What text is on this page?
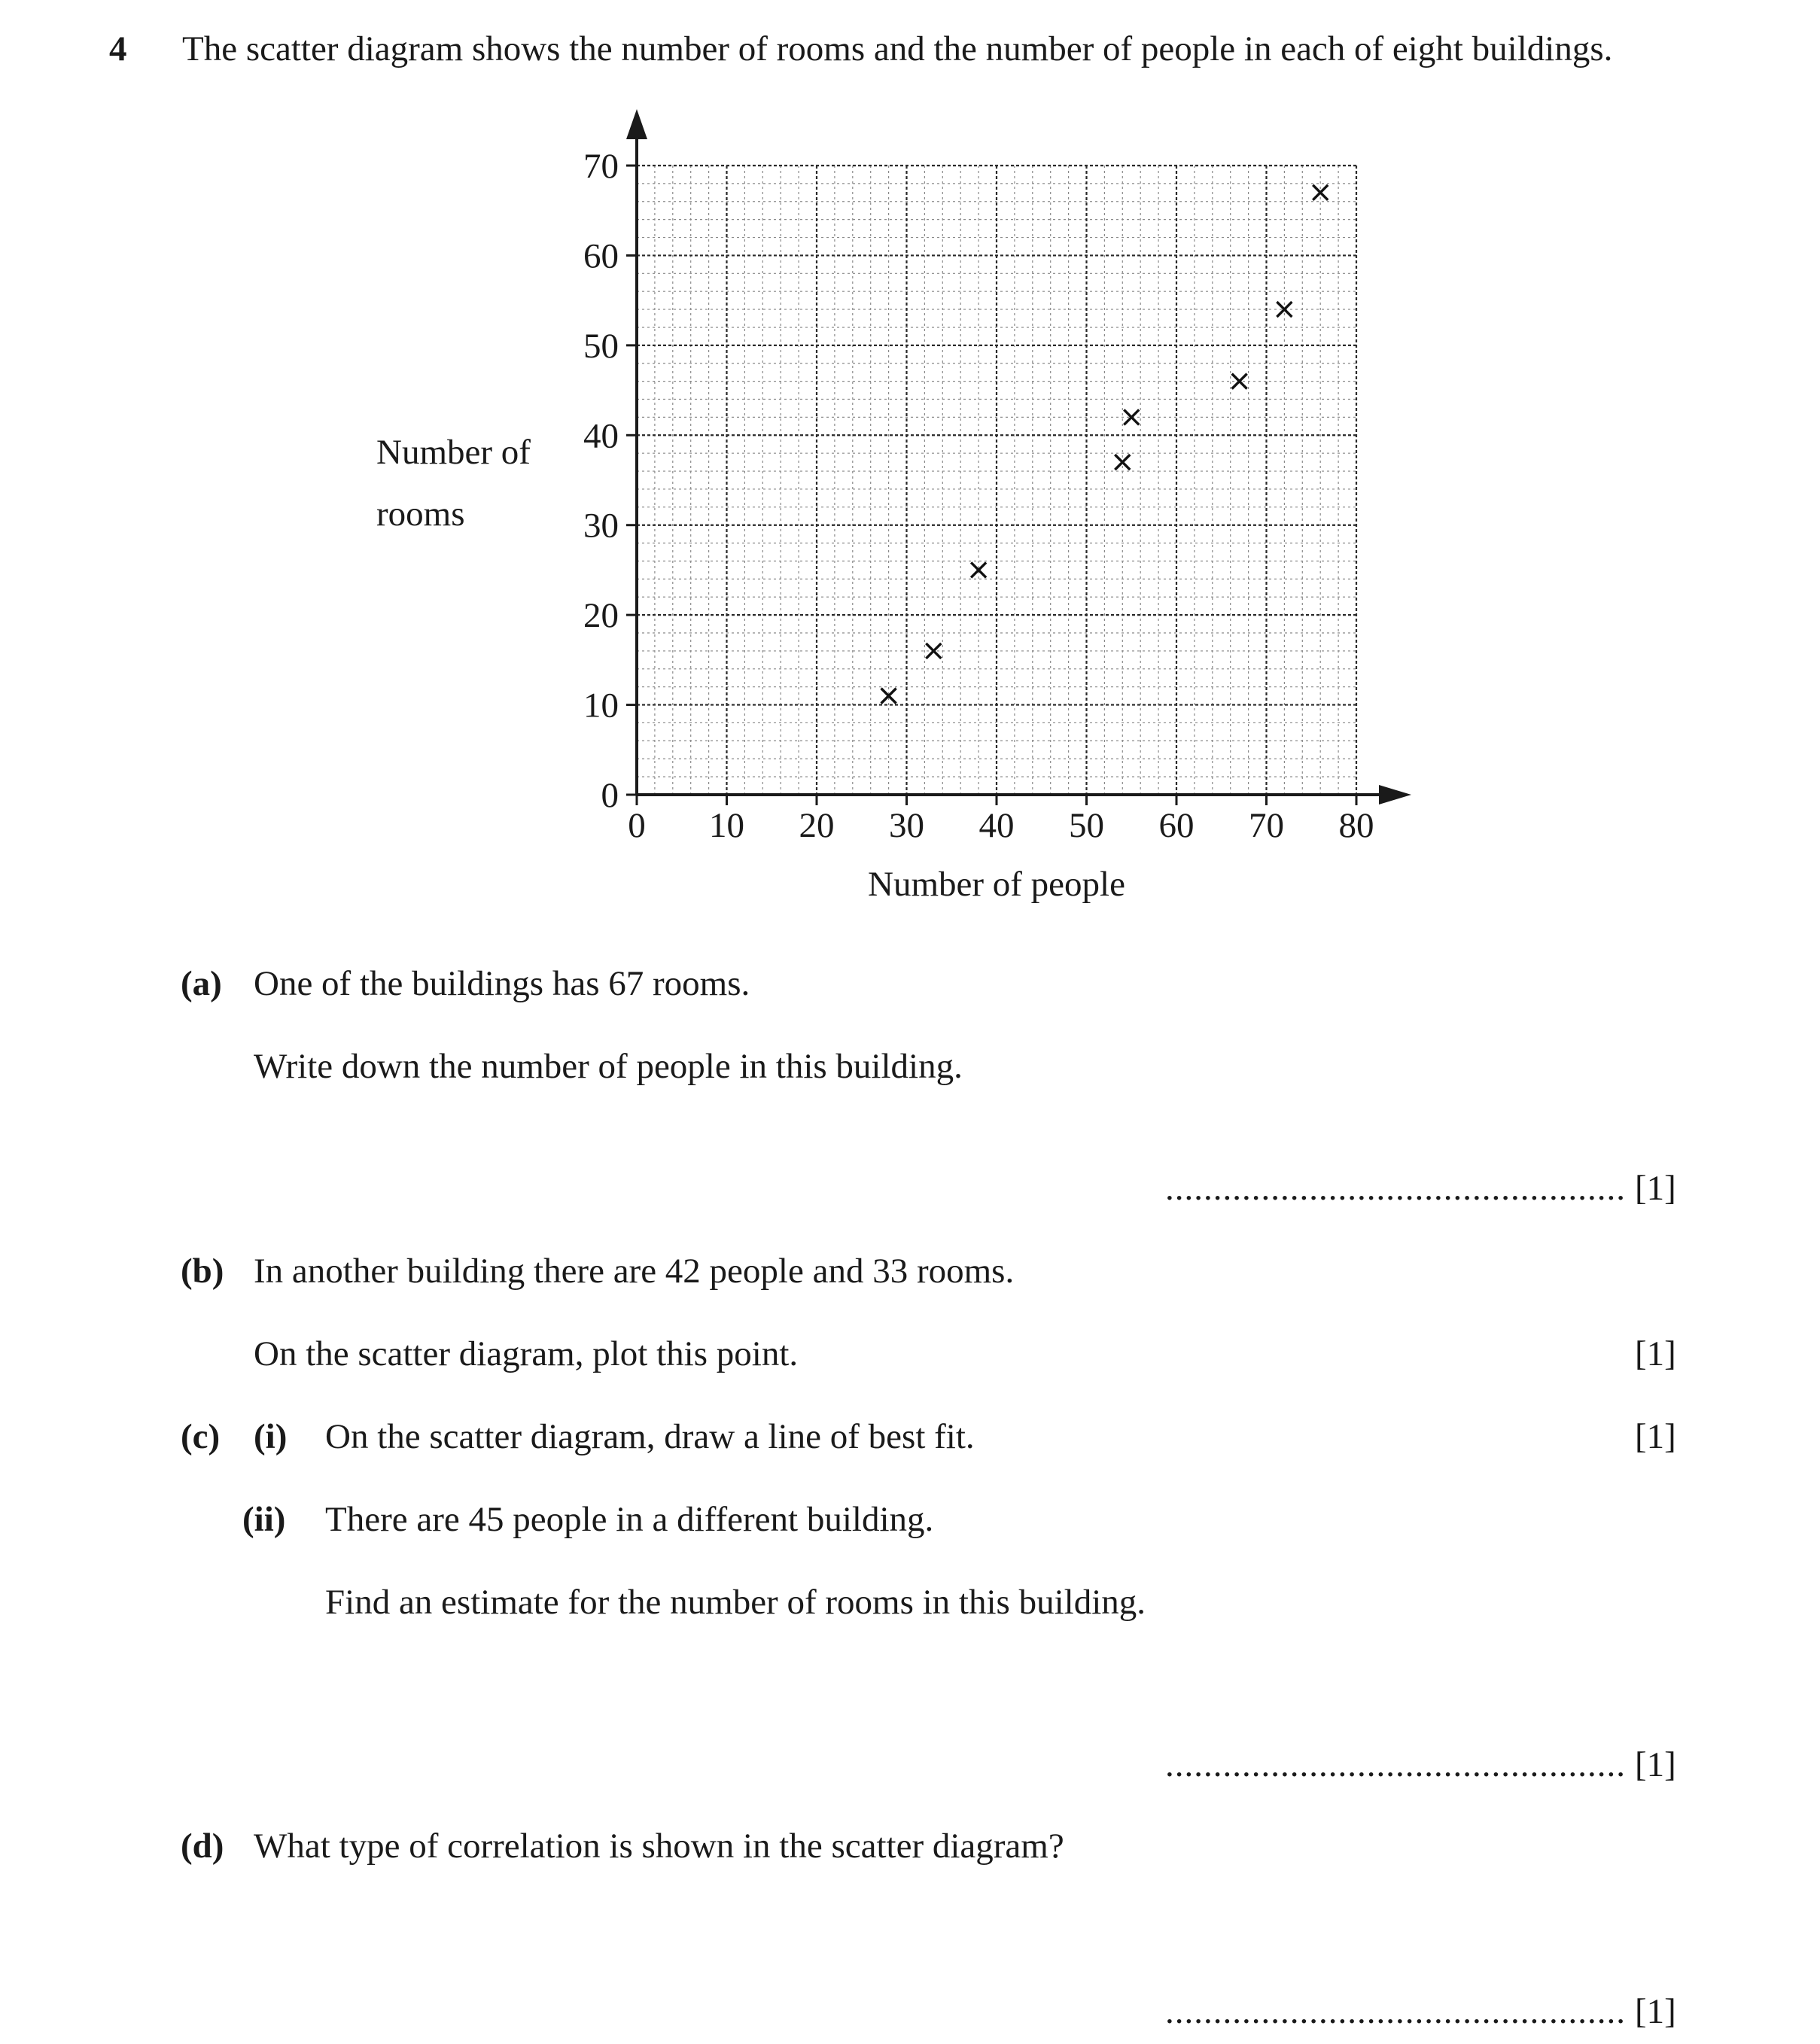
4 The scatter diagram shows the number of rooms and the number of people in each of eight buildings.
Number of
rooms
0 10 20 30 40 50 60 70 80
0
10
20
30
40
50
60
70
Number of people
(a) One of the buildings has 67 rooms.
Write down the number of people in this building.
................................................ [1]
(b) In another building there are 42 people and 33 rooms.
On the scatter diagram, plot this point.	[1]
(c) (i) On the scatter diagram, draw a line of best fit.	[1]
(ii) There are 45 people in a different building.
Find an estimate for the number of rooms in this building.
................................................ [1]
(d) What type of correlation is shown in the scatter diagram?
................................................ [1]
